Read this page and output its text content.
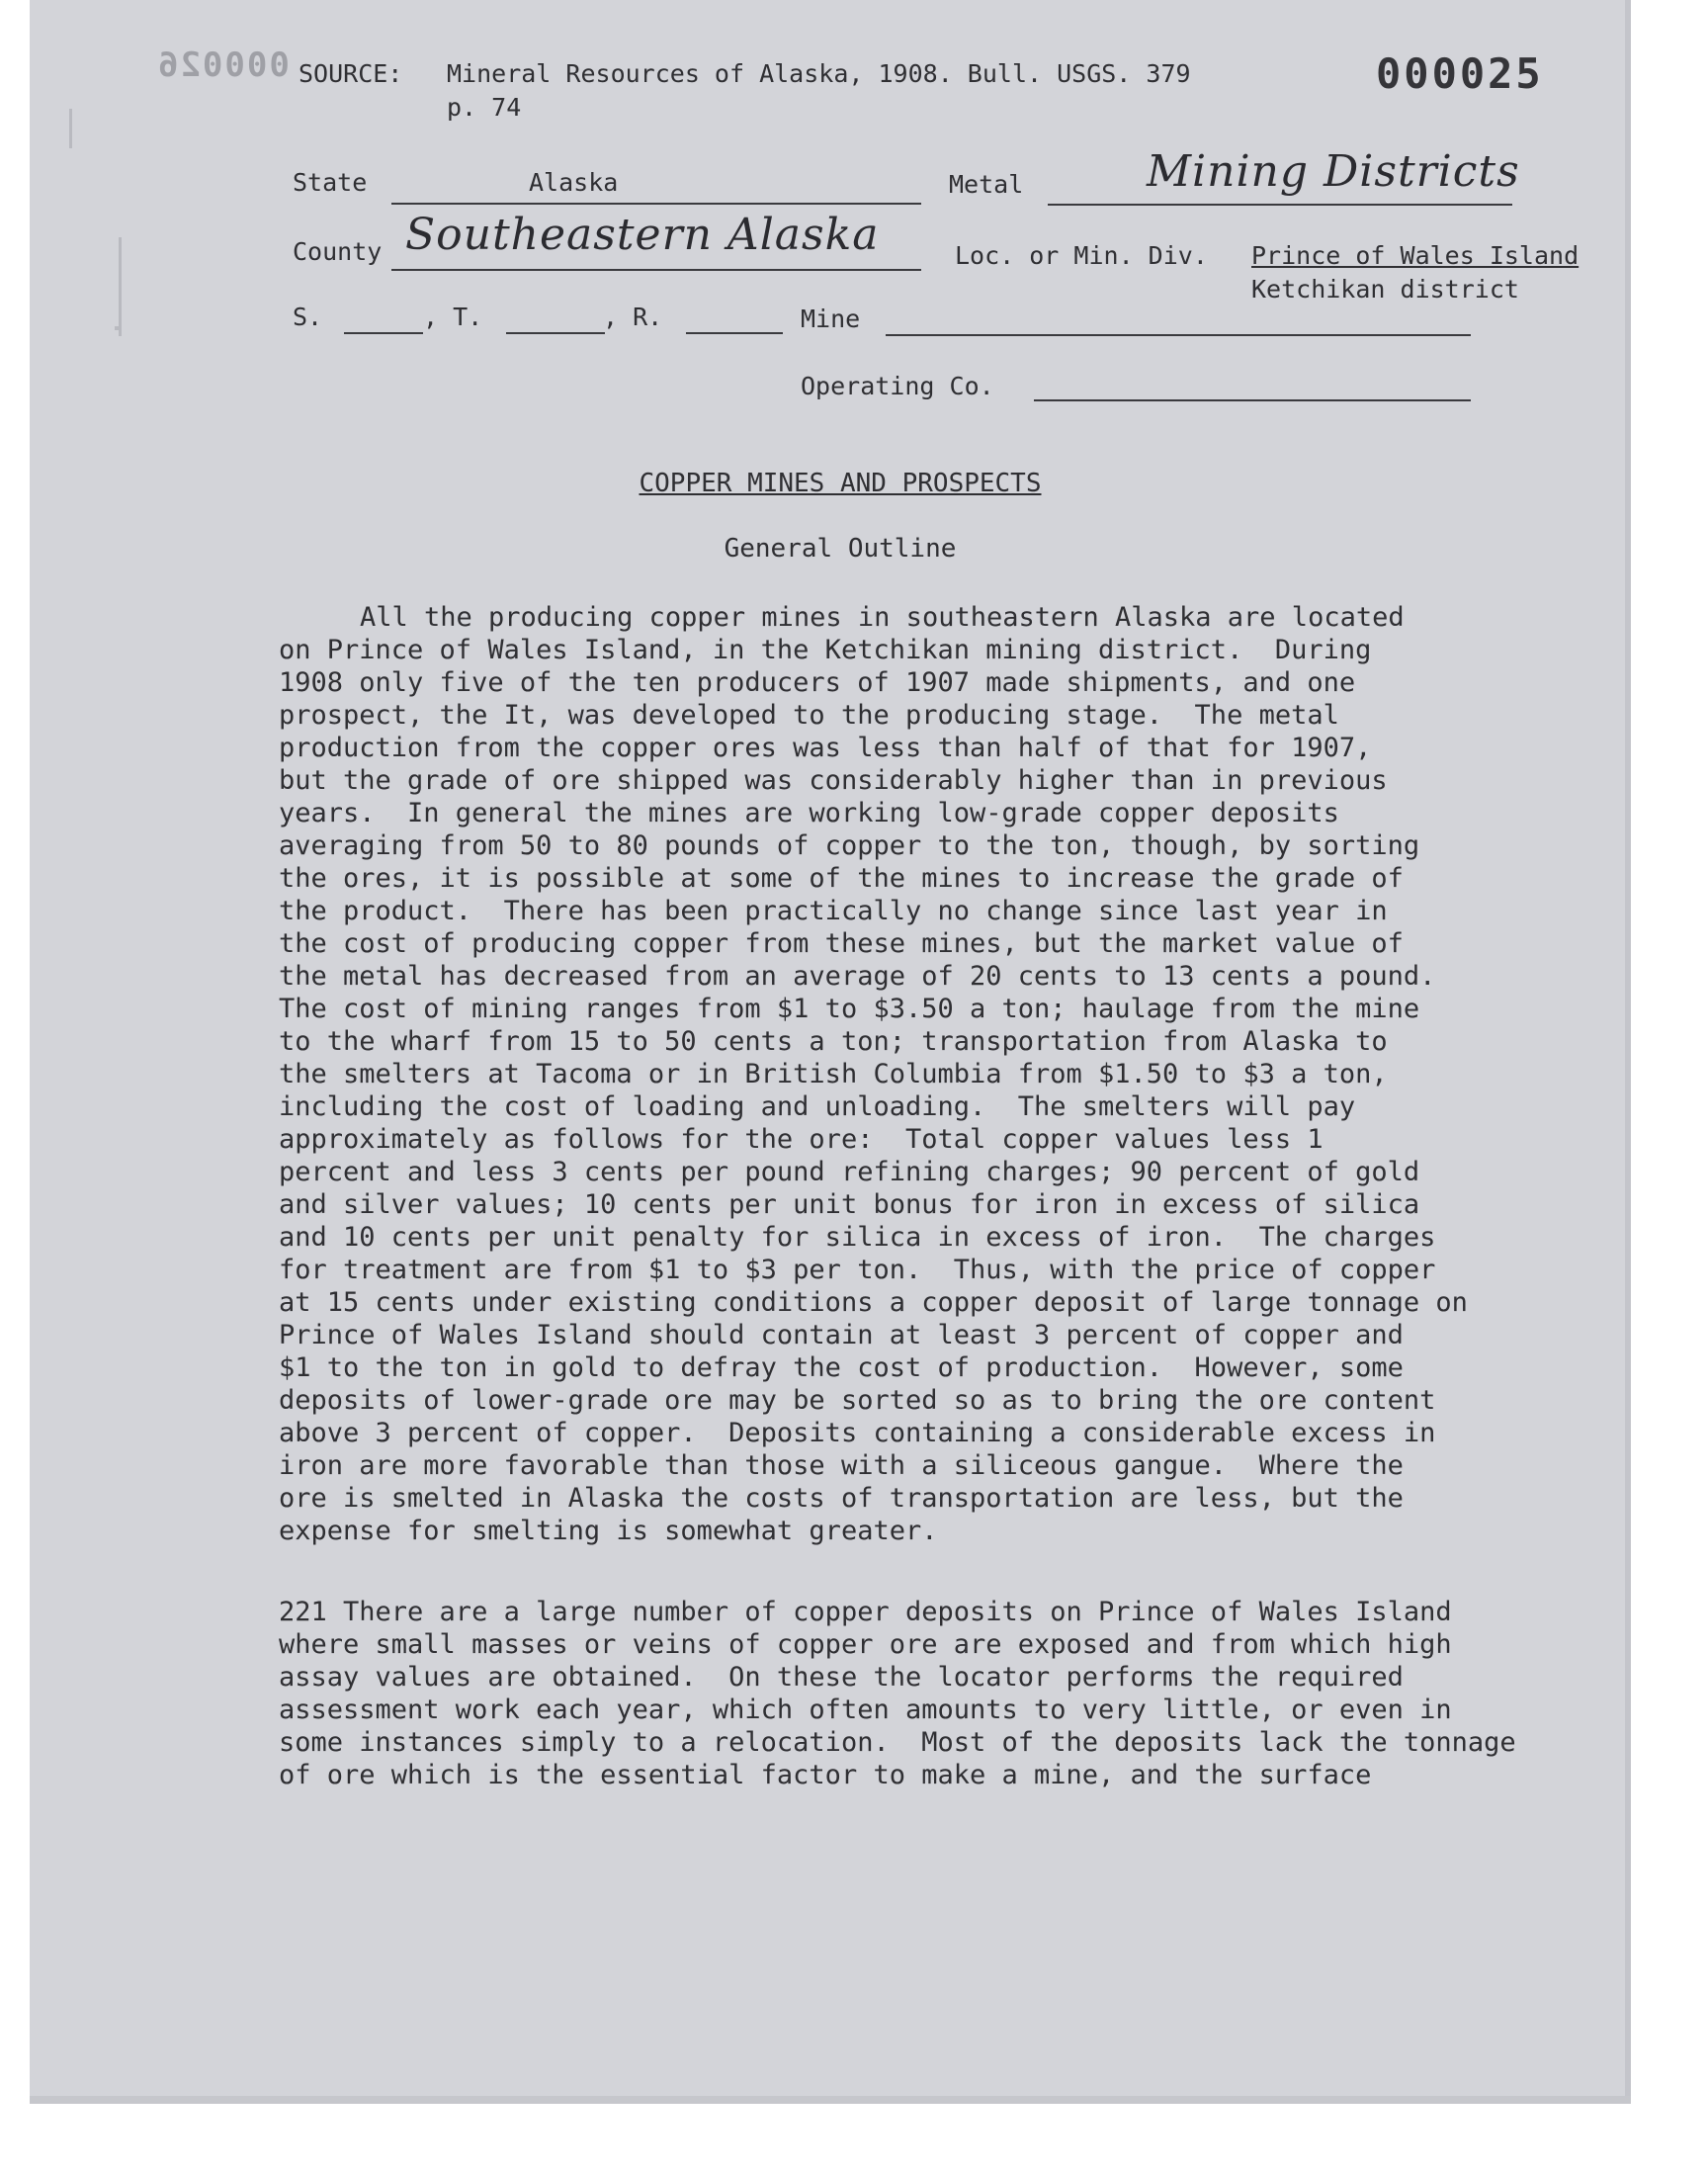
000026 SOURCE: Mineral Resources of Alaska, 1908. Bull. USGS. 379
p. 74
000025
State	Alaska	Metal	Mining Districts
County Southeastern Alaska	Loc. or Min. Div. Prince of Wales Island
Ketchikan district
S.	, T.	, R.	Mine
Operating Co.
COPPER MINES AND PROSPECTS
General Outline
All the producing copper mines in southeastern Alaska are located
on Prince of Wales Island, in the Ketchikan mining district.  During
1908 only five of the ten producers of 1907 made shipments, and one
prospect, the It, was developed to the producing stage.  The metal
production from the copper ores was less than half of that for 1907,
but the grade of ore shipped was considerably higher than in previous
years.  In general the mines are working low-grade copper deposits
averaging from 50 to 80 pounds of copper to the ton, though, by sorting
the ores, it is possible at some of the mines to increase the grade of
the product.  There has been practically no change since last year in
the cost of producing copper from these mines, but the market value of
the metal has decreased from an average of 20 cents to 13 cents a pound.
The cost of mining ranges from $1 to $3.50 a ton; haulage from the mine
to the wharf from 15 to 50 cents a ton; transportation from Alaska to
the smelters at Tacoma or in British Columbia from $1.50 to $3 a ton,
including the cost of loading and unloading.  The smelters will pay
approximately as follows for the ore:  Total copper values less 1
percent and less 3 cents per pound refining charges; 90 percent of gold
and silver values; 10 cents per unit bonus for iron in excess of silica
and 10 cents per unit penalty for silica in excess of iron.  The charges
for treatment are from $1 to $3 per ton.  Thus, with the price of copper
at 15 cents under existing conditions a copper deposit of large tonnage on
Prince of Wales Island should contain at least 3 percent of copper and
$1 to the ton in gold to defray the cost of production.  However, some
deposits of lower-grade ore may be sorted so as to bring the ore content
above 3 percent of copper.  Deposits containing a considerable excess in
iron are more favorable than those with a siliceous gangue.  Where the
ore is smelted in Alaska the costs of transportation are less, but the
expense for smelting is somewhat greater.
221 There are a large number of copper deposits on Prince of Wales Island
where small masses or veins of copper ore are exposed and from which high
assay values are obtained.  On these the locator performs the required
assessment work each year, which often amounts to very little, or even in
some instances simply to a relocation.  Most of the deposits lack the tonnage
of ore which is the essential factor to make a mine, and the surface
